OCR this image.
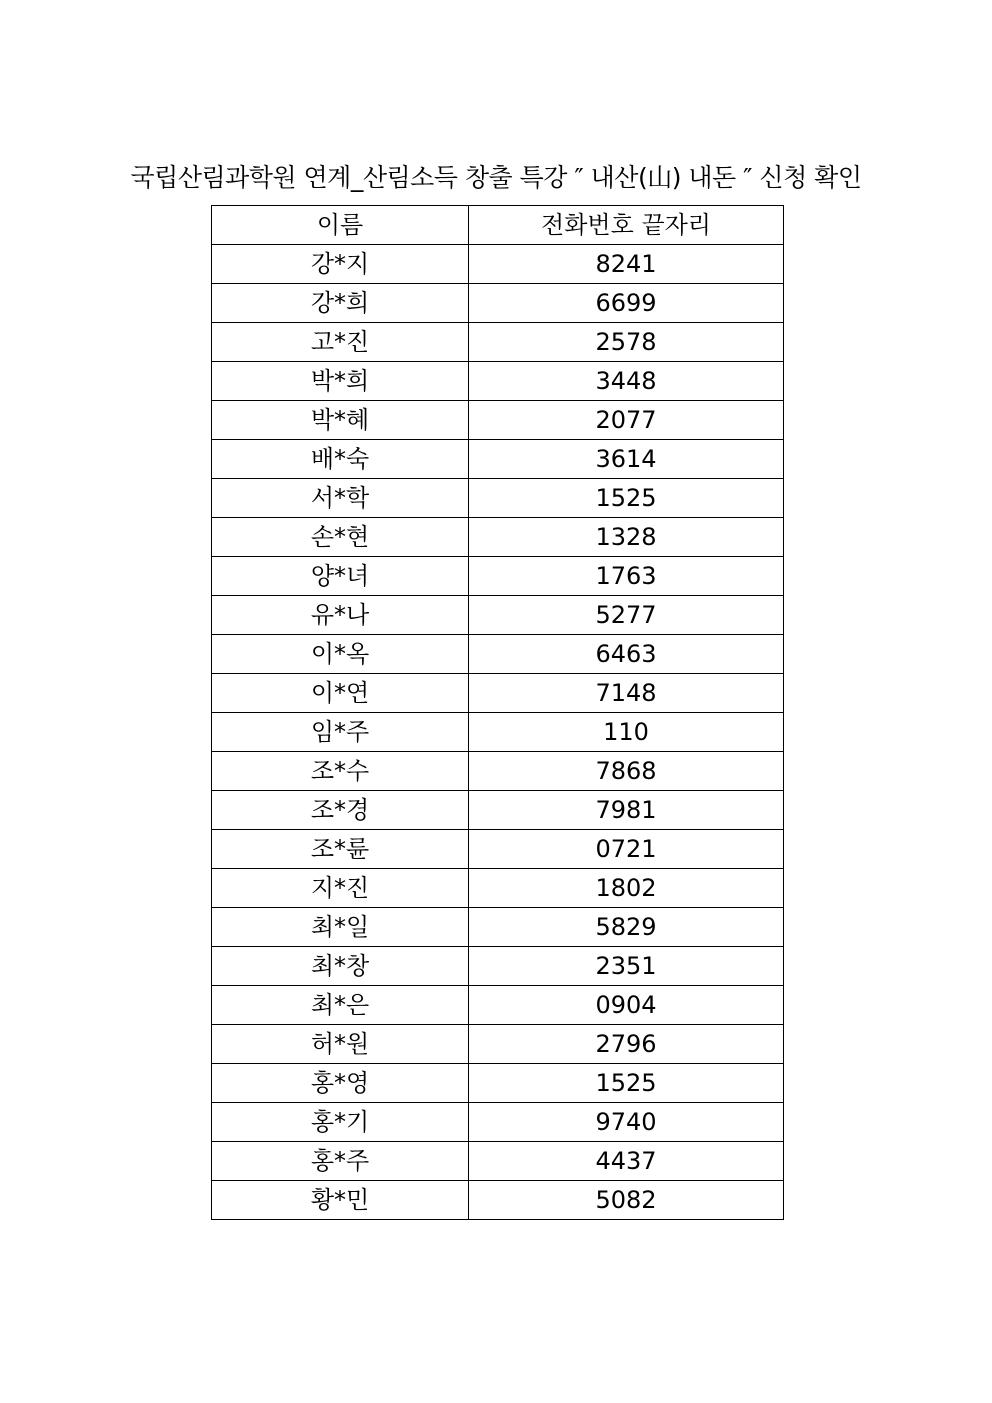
국립산림과학원 연계_산림소득 창출 특강 ″ 내산(山) 내돈 ″ 신청 확인
이름	전화번호 끝자리
강*지	8241
강*희	6699
고*진	2578
박*희	3448
박*혜	2077
배*숙	3614
서*학	1525
손*현	1328
양*녀	1763
유*나	5277
이*옥	6463
이*연	7148
임*주	110
조*수	7868
조*경	7981
조*륜	0721
지*진	1802
최*일	5829
최*창	2351
최*은	0904
허*원	2796
홍*영	1525
홍*기	9740
홍*주	4437
황*민	5082
